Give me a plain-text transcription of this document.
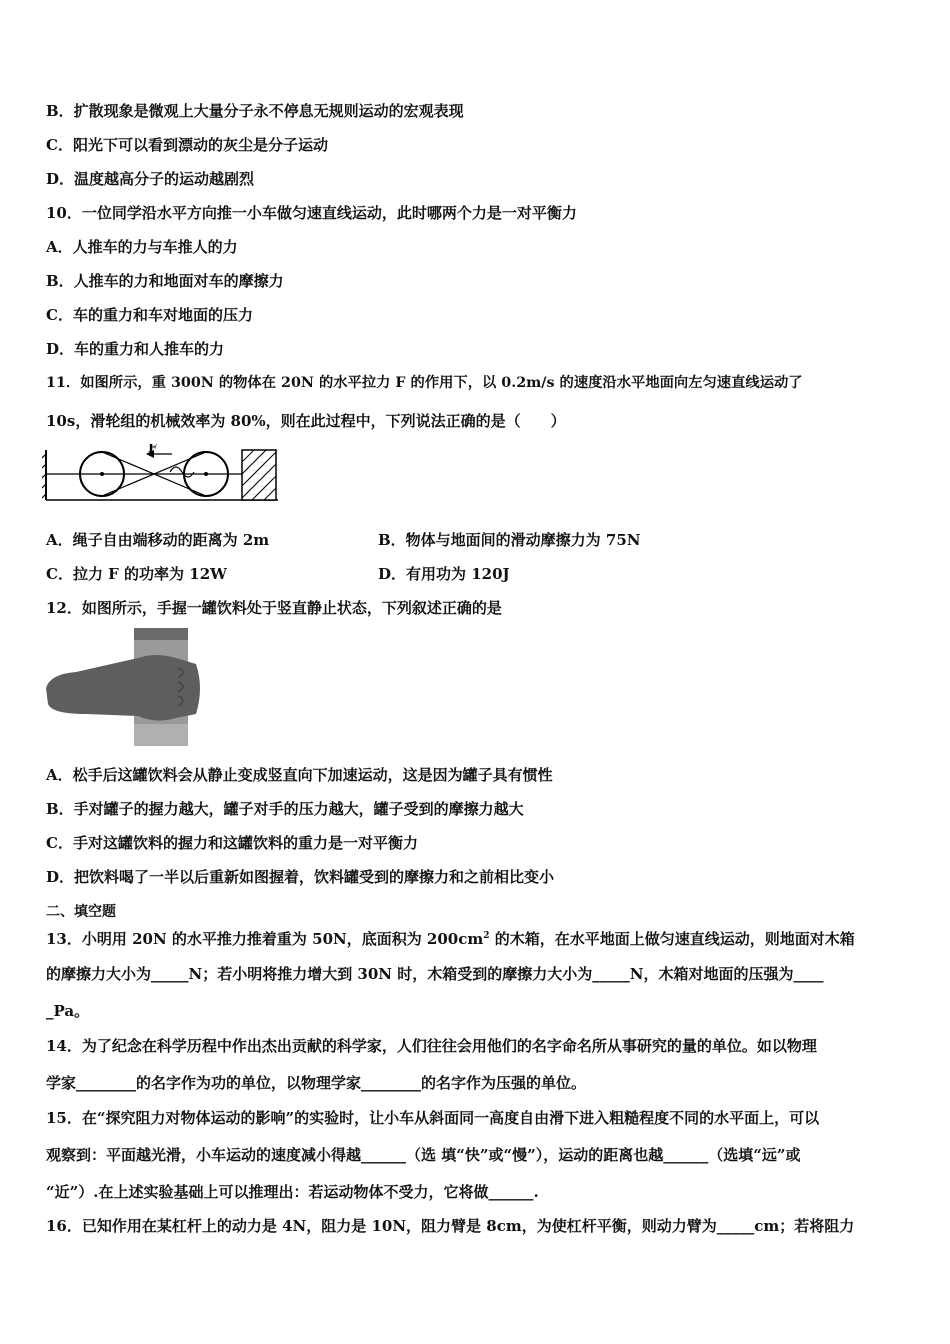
B．扩散现象是微观上大量分子永不停息无规则运动的宏观表现
C．阳光下可以看到漂动的灰尘是分子运动
D．温度越高分子的运动越剧烈
10．一位同学沿水平方向推一小车做匀速直线运动，此时哪两个力是一对平衡力
A．人推车的力与车推人的力
B．人推车的力和地面对车的摩擦力
C．车的重力和车对地面的压力
D．车的重力和人推车的力
11．如图所示，重 300N 的物体在 20N 的水平拉力 F 的作用下，以 0.2m/s 的速度沿水平地面向左匀速直线运动了
10s，滑轮组的机械效率为 80%，则在此过程中，下列说法正确的是（　　）
F
A．绳子自由端移动的距离为 2m	B．物体与地面间的滑动摩擦力为 75N
C．拉力 F 的功率为 12W	D．有用功为 120J
12．如图所示，手握一罐饮料处于竖直静止状态，下列叙述正确的是
A．松手后这罐饮料会从静止变成竖直向下加速运动，这是因为罐子具有惯性
B．手对罐子的握力越大，罐子对手的压力越大，罐子受到的摩擦力越大
C．手对这罐饮料的握力和这罐饮料的重力是一对平衡力
D．把饮料喝了一半以后重新如图握着，饮料罐受到的摩擦力和之前相比变小
二、填空题
13．小明用 20N 的水平推力推着重为 50N，底面积为 $200cm^2$ 的木箱，在水平地面上做匀速直线运动，则地面对木箱
的摩擦力大小为_____N；若小明将推力增大到 30N 时，木箱受到的摩擦力大小为_____N，木箱对地面的压强为____
_Pa。
14．为了纪念在科学历程中作出杰出贡献的科学家，人们往往会用他们的名字命名所从事研究的量的单位。如以物理
学家________的名字作为功的单位，以物理学家________的名字作为压强的单位。
15．在“探究阻力对物体运动的影响”的实验时，让小车从斜面同一高度自由滑下进入粗糙程度不同的水平面上，可以
观察到：平面越光滑，小车运动的速度减小得越______（选 填“快”或“慢”），运动的距离也越______（选填“远”或
“近”）.在上述实验基础上可以推理出：若运动物体不受力，它将做______.
16．已知作用在某杠杆上的动力是 4N，阻力是 10N，阻力臂是 8cm，为使杠杆平衡，则动力臂为_____cm；若将阻力
